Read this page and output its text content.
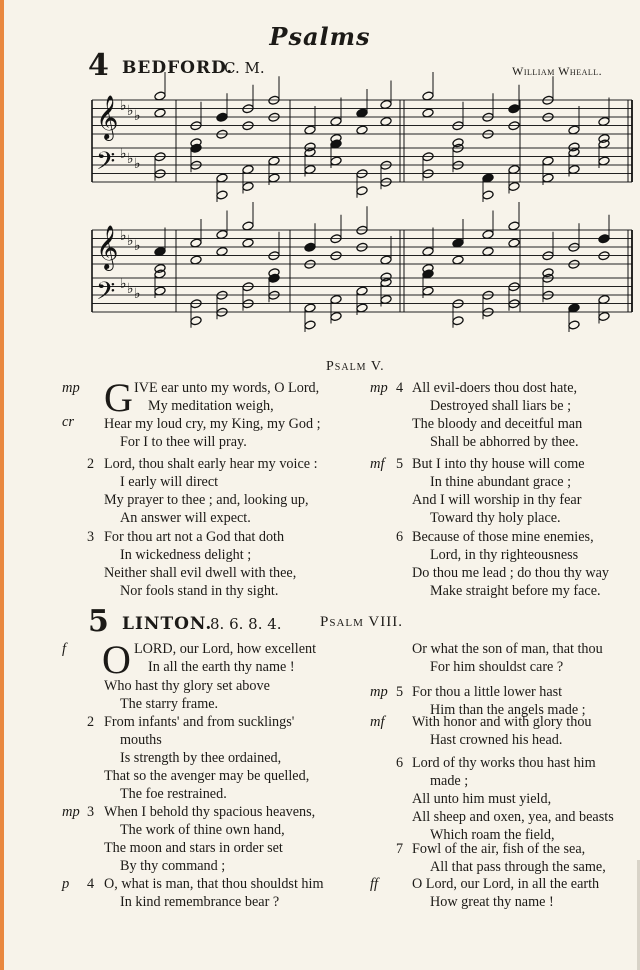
Psalms
4 BEDFORD.
C. M.	William Wheall.
𝄞 ♭ ♭ ♭
𝄢 ♭ ♭ ♭
𝄞 ♭ ♭ ♭
𝄢 ♭ ♭ ♭
Psalm V.
mp
cr
G IVE ear unto my words, O Lord,
My meditation weigh,
Hear my loud cry, my King, my God ;
For I to thee will pray.
Lord, thou shalt early hear my voice :
I early will direct
My prayer to thee ; and, looking up,
An answer will expect.
For thou art not a God that doth
In wickedness delight ;
Neither shall evil dwell with thee,
Nor fools stand in thy sight.
All evil-doers thou dost hate,
Destroyed shall liars be ;
The bloody and deceitful man
Shall be abhorred by thee.
But I into thy house will come
In thine abundant grace ;
And I will worship in thy fear
Toward thy holy place.
Because of those mine enemies,
Lord, in thy righteousness
Do thou me lead ; do thou thy way
Make straight before my face.
2
3
mp 4
mf 5
6
5 LINTON.
8. 6. 8. 4.	Psalm VIII.
f O LORD, our Lord, how excellent
In all the earth thy name !
Who hast thy glory set above
The starry frame.
From infants' and from sucklings'
mouths
Is strength by thee ordained,
That so the avenger may be quelled,
The foe restrained.
When I behold thy spacious heavens,
The work of thine own hand,
The moon and stars in order set
By thy command ;
O, what is man, that thou shouldst him
In kind remembrance bear ?
Or what the son of man, that thou
For him shouldst care ?
For thou a little lower hast
Him than the angels made ;
With honor and with glory thou
Hast crowned his head.
Lord of thy works thou hast him
made ;
All unto him must yield,
All sheep and oxen, yea, and beasts
Which roam the field,
Fowl of the air, fish of the sea,
All that pass through the same,
O Lord, our Lord, in all the earth
How great thy name !
2
mp 3
p 4
mp 5
mf
6
7
ff
